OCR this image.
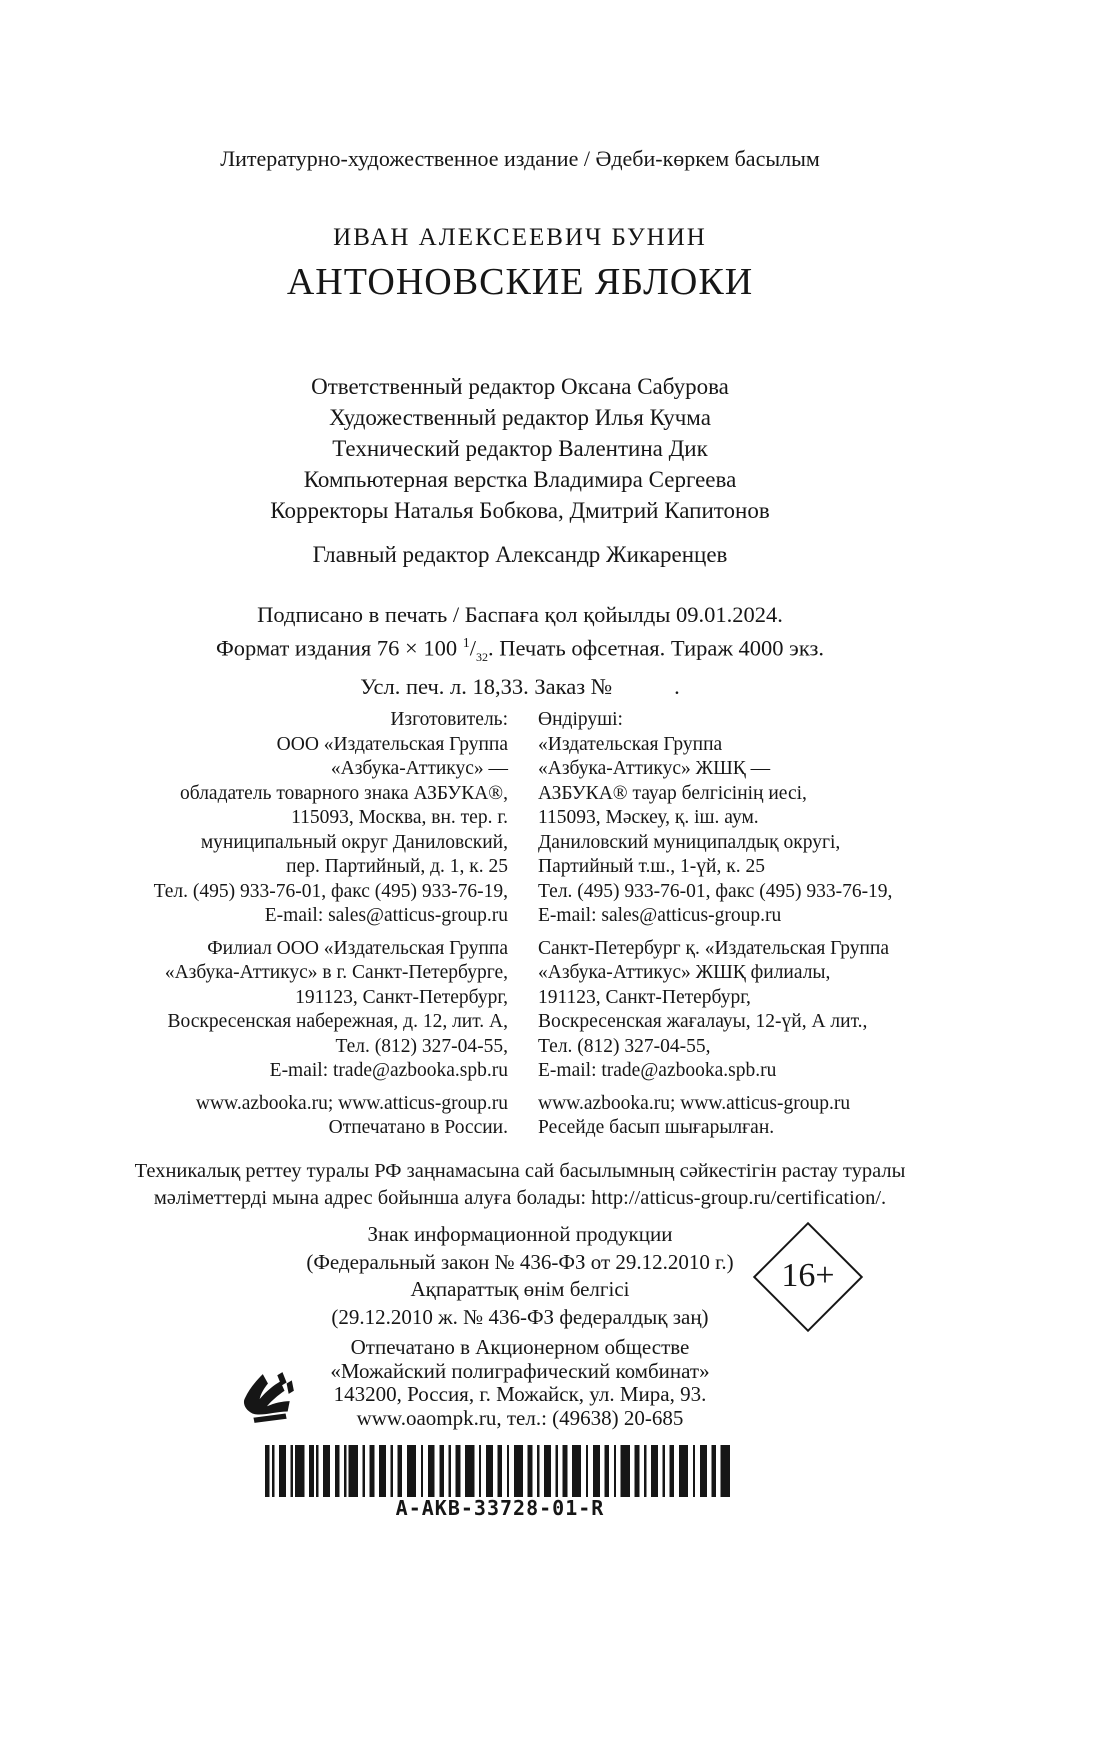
Литературно-художественное издание / Әдеби-көркем басылым
ИВАН АЛЕКСЕЕВИЧ БУНИН
АНТОНОВСКИЕ ЯБЛОКИ
Ответственный редактор Оксана Сабурова
Художественный редактор Илья Кучма
Технический редактор Валентина Дик
Компьютерная верстка Владимира Сергеева
Корректоры Наталья Бобкова, Дмитрий Капитонов
Главный редактор Александр Жикаренцев
Подписано в печать / Баспаға қол қойылды 09.01.2024.
Формат издания 76 × 100 $^1/_{32}$. Печать офсетная. Тираж 4000 экз.
Усл. печ. л. 18,33. Заказ №           .
Изготовитель:
ООО «Издательская Группа
«Азбука-Аттикус» —
обладатель товарного знака АЗБУКА®,
115093, Москва, вн. тер. г.
муниципальный округ Даниловский,
пер. Партийный, д. 1, к. 25
Тел. (495) 933-76-01, факс (495) 933-76-19,
E-mail: sales@atticus-group.ru
Филиал ООО «Издательская Группа
«Азбука-Аттикус» в г. Санкт-Петербурге,
191123, Санкт-Петербург,
Воскресенская набережная, д. 12, лит. А,
Тел. (812) 327-04-55,
E-mail: trade@azbooka.spb.ru
www.azbooka.ru; www.atticus-group.ru
Отпечатано в России.
Өндіруші:
«Издательская Группа
«Азбука-Аттикус» ЖШҚ —
АЗБУКА® тауар белгісінің иесі,
115093, Мәскеу, қ. іш. аум.
Даниловский муниципалдық округі,
Партийный т.ш., 1-үй, к. 25
Тел. (495) 933-76-01, факс (495) 933-76-19,
E-mail: sales@atticus-group.ru
Санкт-Петербург қ. «Издательская Группа
«Азбука-Аттикус» ЖШҚ филиалы,
191123, Санкт-Петербург,
Воскресенская жағалауы, 12-үй, А лит.,
Тел. (812) 327-04-55,
E-mail: trade@azbooka.spb.ru
www.azbooka.ru; www.atticus-group.ru
Ресейде басып шығарылған.
Техникалық реттеу туралы РФ заңнамасына сай басылымның сәйкестігін растау туралы
мәліметтерді мына адрес бойынша алуға болады: http://atticus-group.ru/certification/.
Знак информационной продукции
(Федеральный закон № 436-ФЗ от 29.12.2010 г.)
Ақпараттық өнім белгісі
(29.12.2010 ж. № 436-ФЗ федералдық заң)
16+
Отпечатано в Акционерном обществе
«Можайский полиграфический комбинат»
143200, Россия, г. Можайск, ул. Мира, 93.
www.oaompk.ru, тел.: (49638) 20-685
A-AKB-33728-01-R
